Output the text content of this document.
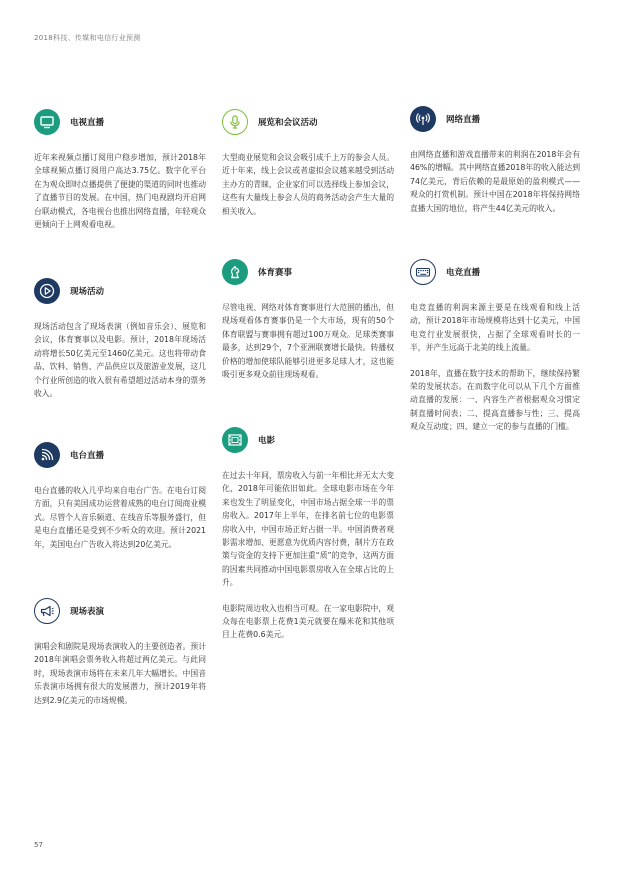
2018科技、传媒和电信行业预测
电视直播

近年来视频点播订阅用户稳步增加，预计2018年全球视频点播订阅用户高达3.75亿。数字化平台在为观众即时点播提供了便捷的渠道的同时也推动了直播节目的发展。在中国，热门电视剧均开启网台联动模式，各电视台也推出网络直播，年轻观众更倾向于上网观看电视。

现场活动

现场活动包含了现场表演（例如音乐会）、展览和会议，体育赛事以及电影。预计，2018年现场活动将增长50亿美元至1460亿美元。这也将带动食品、饮料、销售、产品供应以及旅游业发展，这几个行业所创造的收入很有希望超过活动本身的票务收入。

电台直播

电台直播的收入几乎均来自电台广告。在电台订阅方面，只有美国成功运营着成熟的电台订阅商业模式。尽管个人音乐频道、在线音乐等服务盛行，但是电台直播还是受到不少听众的欢迎。预计2021年，美国电台广告收入将达到20亿美元。

现场表演

演唱会和剧院是现场表演收入的主要创造者。预计2018年演唱会票务收入将超过两亿美元。与此同时，现场表演市场将在未来几年大幅增长。中国音乐表演市场拥有很大的发展潜力，预计2019年将达到2.9亿美元的市场规模。

展览和会议活动

大型商业展览和会议会吸引成千上万的参会人员。近十年来，线上会议或者虚拟会议越来越受到活动主办方的青睐，企业家们可以选择线上参加会议，这些有大量线上参会人员的商务活动会产生大量的相关收入。

体育赛事

尽管电视、网络对体育赛事进行大范围的播出，但现场观看体育赛事仍是一个大市场，现有的50个体育联盟与赛事拥有超过100万观众。足球类赛事最多，达到29个，7个亚洲联赛增长最快。转播权价格的增加使球队能够引进更多足球人才，这也能吸引更多观众前往现场观看。

电影

在过去十年间，票房收入与前一年相比并无太大变化，2018年可能依旧如此。全球电影市场在今年来也发生了明显变化，中国市场占据全球一半的票房收入。2017年上半年，在排名前七位的电影票房收入中，中国市场正好占据一半。中国消费者观影需求增加、更愿意为优质内容付费，制片方在政策与资金的支持下更加注重“质”的竞争，这两方面的因素共同推动中国电影票房收入在全球占比的上升。

电影院周边收入也相当可观。在一家电影院中，观众每在电影票上花费1美元就要在爆米花和其他项目上花费0.6美元。

网络直播

由网络直播和游戏直播带来的利润在2018年会有46%的增幅。其中网络直播2018年的收入能达到74亿美元，背后依赖的是最原始的盈利模式——观众的打赏机制。预计中国在2018年将保持网络直播大国的地位，将产生44亿美元的收入。

电竞直播

电竞直播的利润来源主要是在线观看和线上活动，预计2018年市场规模将达到十亿美元，中国电竞行业发展很快，占据了全球观看时长的一半，并产生远高于北美的线上流量。

2018年，直播在数字技术的帮助下，继续保持繁荣的发展状态。在而数字化可以从下几个方面推动直播的发展：一、内容生产者根据观众习惯定制直播时间表；二、提高直播参与性；三、提高观众互动度；四、建立一定的参与直播的门槛。

57
